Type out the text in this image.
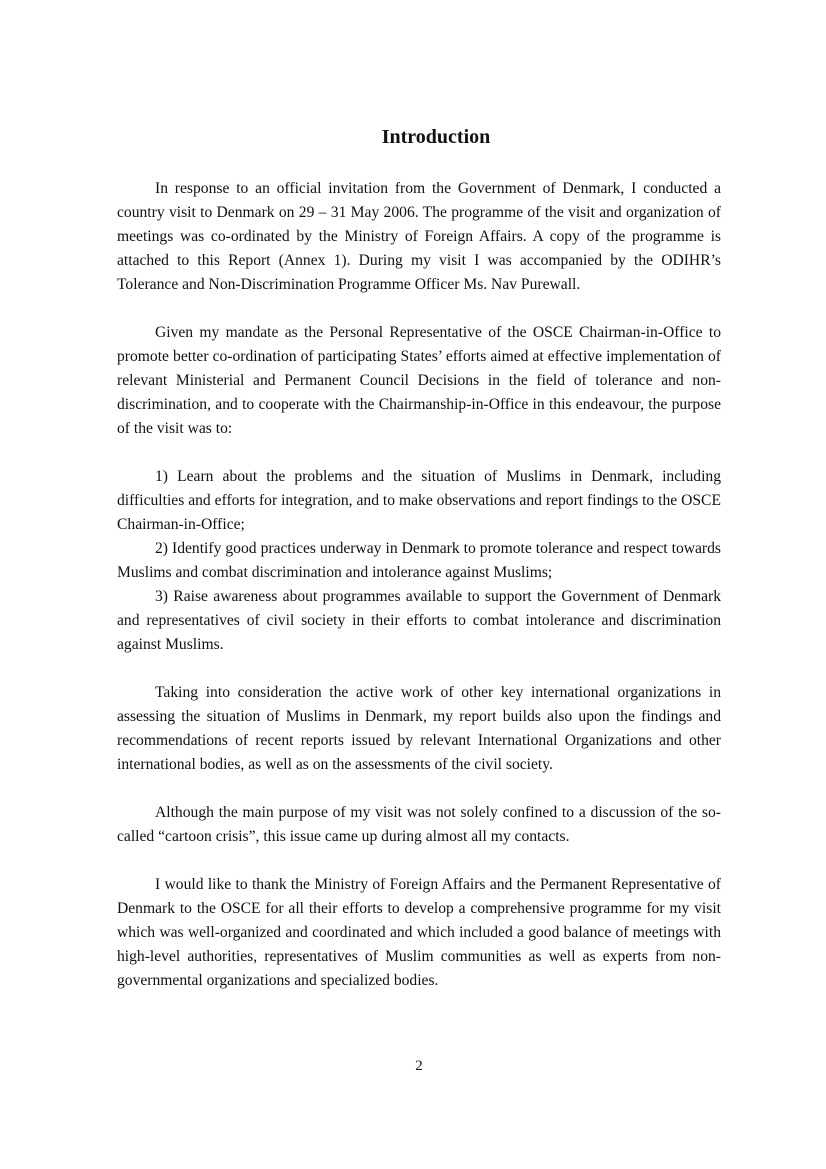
Introduction

In response to an official invitation from the Government of Denmark, I conducted a country visit to Denmark on 29 – 31 May 2006. The programme of the visit and organization of meetings was co-ordinated by the Ministry of Foreign Affairs. A copy of the programme is attached to this Report (Annex 1). During my visit I was accompanied by the ODIHR’s Tolerance and Non-Discrimination Programme Officer Ms. Nav Purewall.

Given my mandate as the Personal Representative of the OSCE Chairman-in-Office to promote better co-ordination of participating States’ efforts aimed at effective implementation of relevant Ministerial and Permanent Council Decisions in the field of tolerance and non-discrimination, and to cooperate with the Chairmanship-in-Office in this endeavour, the purpose of the visit was to:

1) Learn about the problems and the situation of Muslims in Denmark, including difficulties and efforts for integration, and to make observations and report findings to the OSCE Chairman-in-Office;

2) Identify good practices underway in Denmark to promote tolerance and respect towards Muslims and combat discrimination and intolerance against Muslims;

3) Raise awareness about programmes available to support the Government of Denmark and representatives of civil society in their efforts to combat intolerance and discrimination against Muslims.

Taking into consideration the active work of other key international organizations in assessing the situation of Muslims in Denmark, my report builds also upon the findings and recommendations of recent reports issued by relevant International Organizations and other international bodies, as well as on the assessments of the civil society.

Although the main purpose of my visit was not solely confined to a discussion of the so-called “cartoon crisis”, this issue came up during almost all my contacts.

I would like to thank the Ministry of Foreign Affairs and the Permanent Representative of Denmark to the OSCE for all their efforts to develop a comprehensive programme for my visit which was well-organized and coordinated and which included a good balance of meetings with high-level authorities, representatives of Muslim communities as well as experts from non-governmental organizations and specialized bodies.

2
